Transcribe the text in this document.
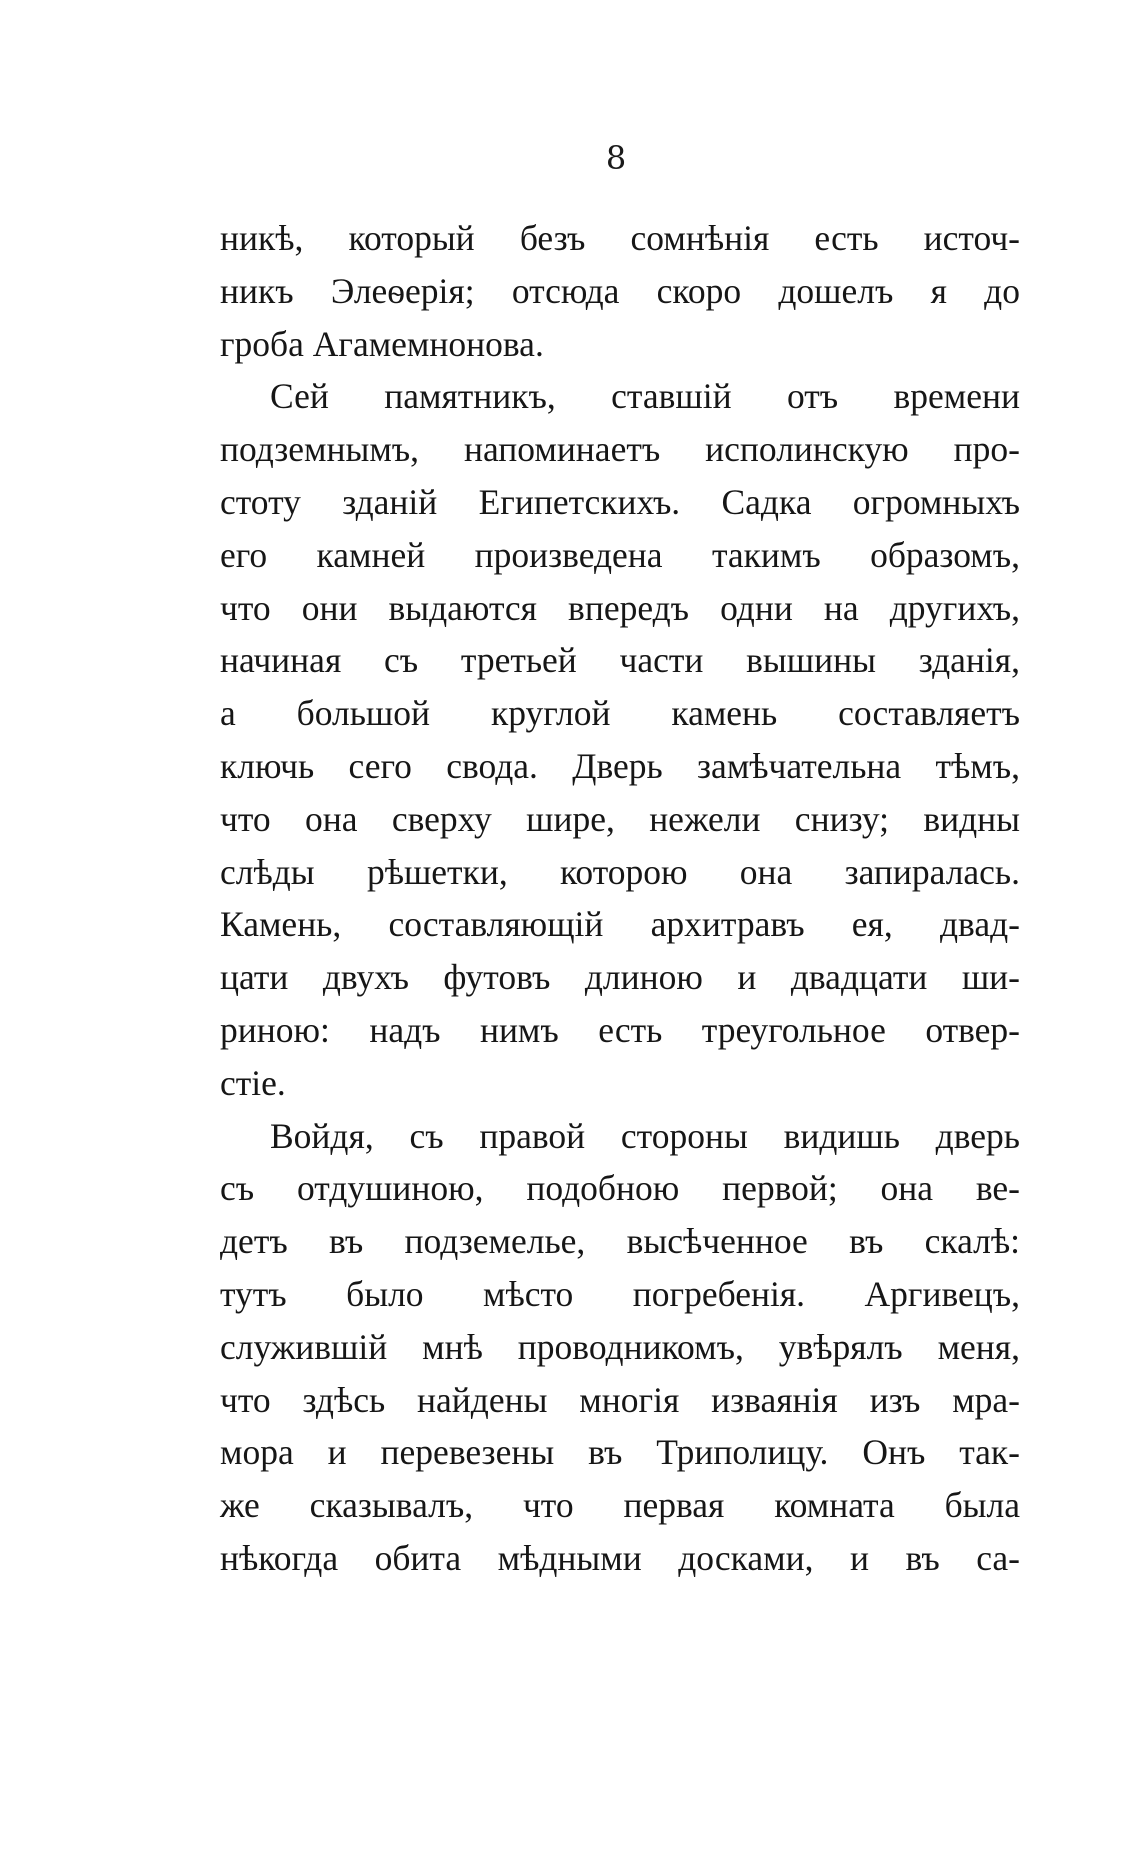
8
никѣ, который безъ сомнѣнія есть источ-
никъ Элеѳерія; отсюда скоро дошелъ я до
гроба Агамемнонова.
Сей памятникъ, ставшій отъ времени
подземнымъ, напоминаетъ исполинскую про-
стоту зданій Египетскихъ. Садка огромныхъ
его камней произведена такимъ образомъ,
что они выдаются впередъ одни на другихъ,
начиная съ третьей части вышины зданія,
а большой круглой камень составляетъ
ключь сего свода. Дверь замѣчательна тѣмъ,
что она сверху шире, нежели снизу; видны
слѣды рѣшетки, которою она запиралась.
Камень, составляющій архитравъ ея, двад-
цати двухъ футовъ длиною и двадцати ши-
риною: надъ нимъ есть треугольное отвер-
стіе.
Войдя, съ правой стороны видишь дверь
съ отдушиною, подобною первой; она ве-
детъ въ подземелье, высѣченное въ скалѣ:
тутъ было мѣсто погребенія. Аргивецъ,
служившій мнѣ проводникомъ, увѣрялъ меня,
что здѣсь найдены многія изваянія изъ мра-
мора и перевезены въ Триполицу. Онъ так-
же сказывалъ, что первая комната была
нѣкогда обита мѣдными досками, и въ са-
